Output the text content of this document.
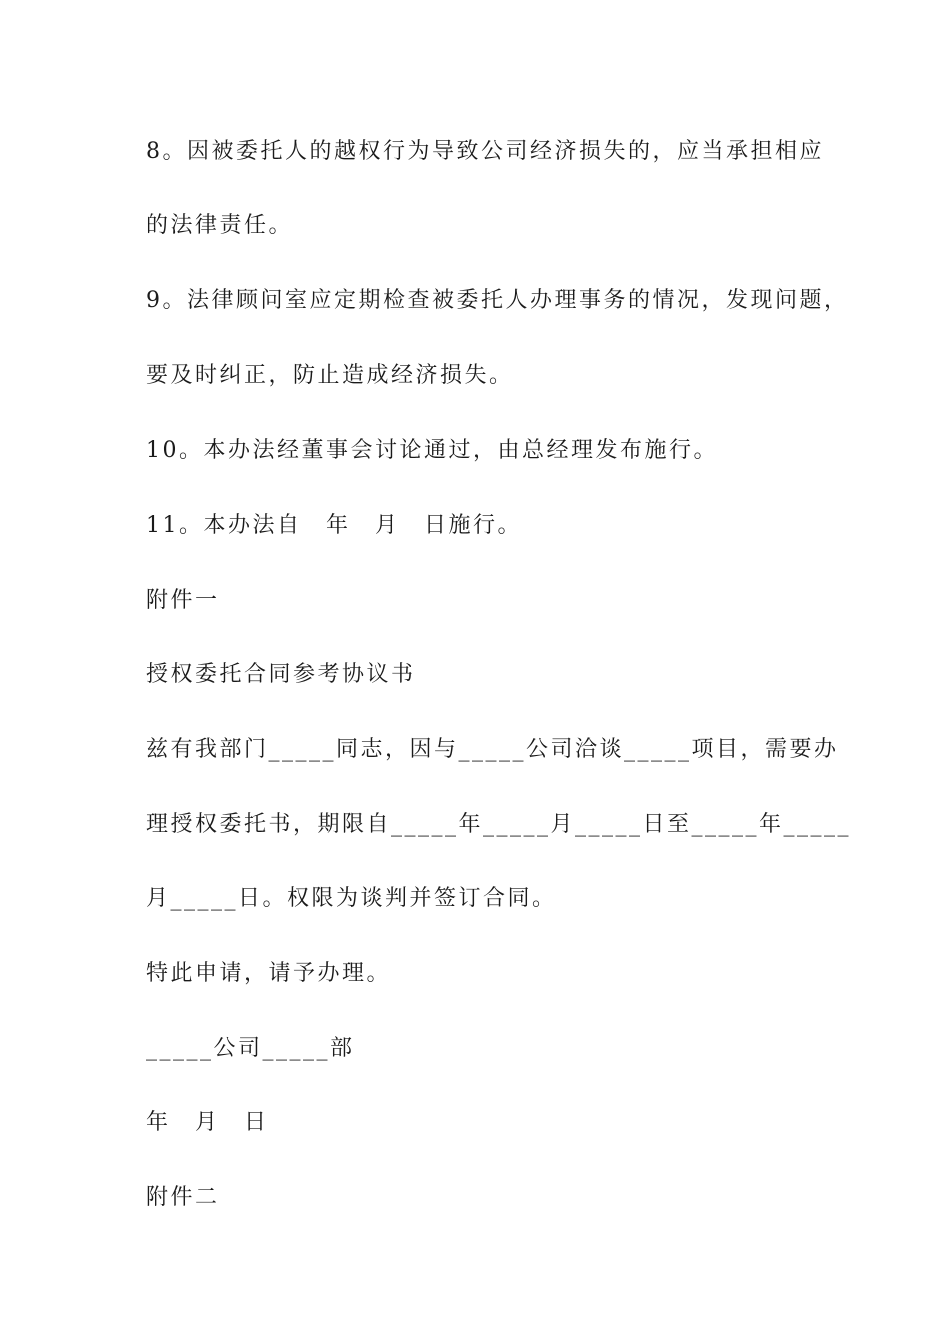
8。因被委托人的越权行为导致公司经济损失的，应当承担相应
的法律责任。
9。法律顾问室应定期检查被委托人办理事务的情况，发现问题，
要及时纠正，防止造成经济损失。
10。本办法经董事会讨论通过，由总经理发布施行。
11。本办法自　年　月　日施行。
附件一
授权委托合同参考协议书
兹有我部门_____同志，因与_____公司洽谈_____项目，需要办
理授权委托书，期限自_____年_____月_____日至_____年_____
月_____日。权限为谈判并签订合同。
特此申请，请予办理。
_____公司_____部
年　月　日
附件二
